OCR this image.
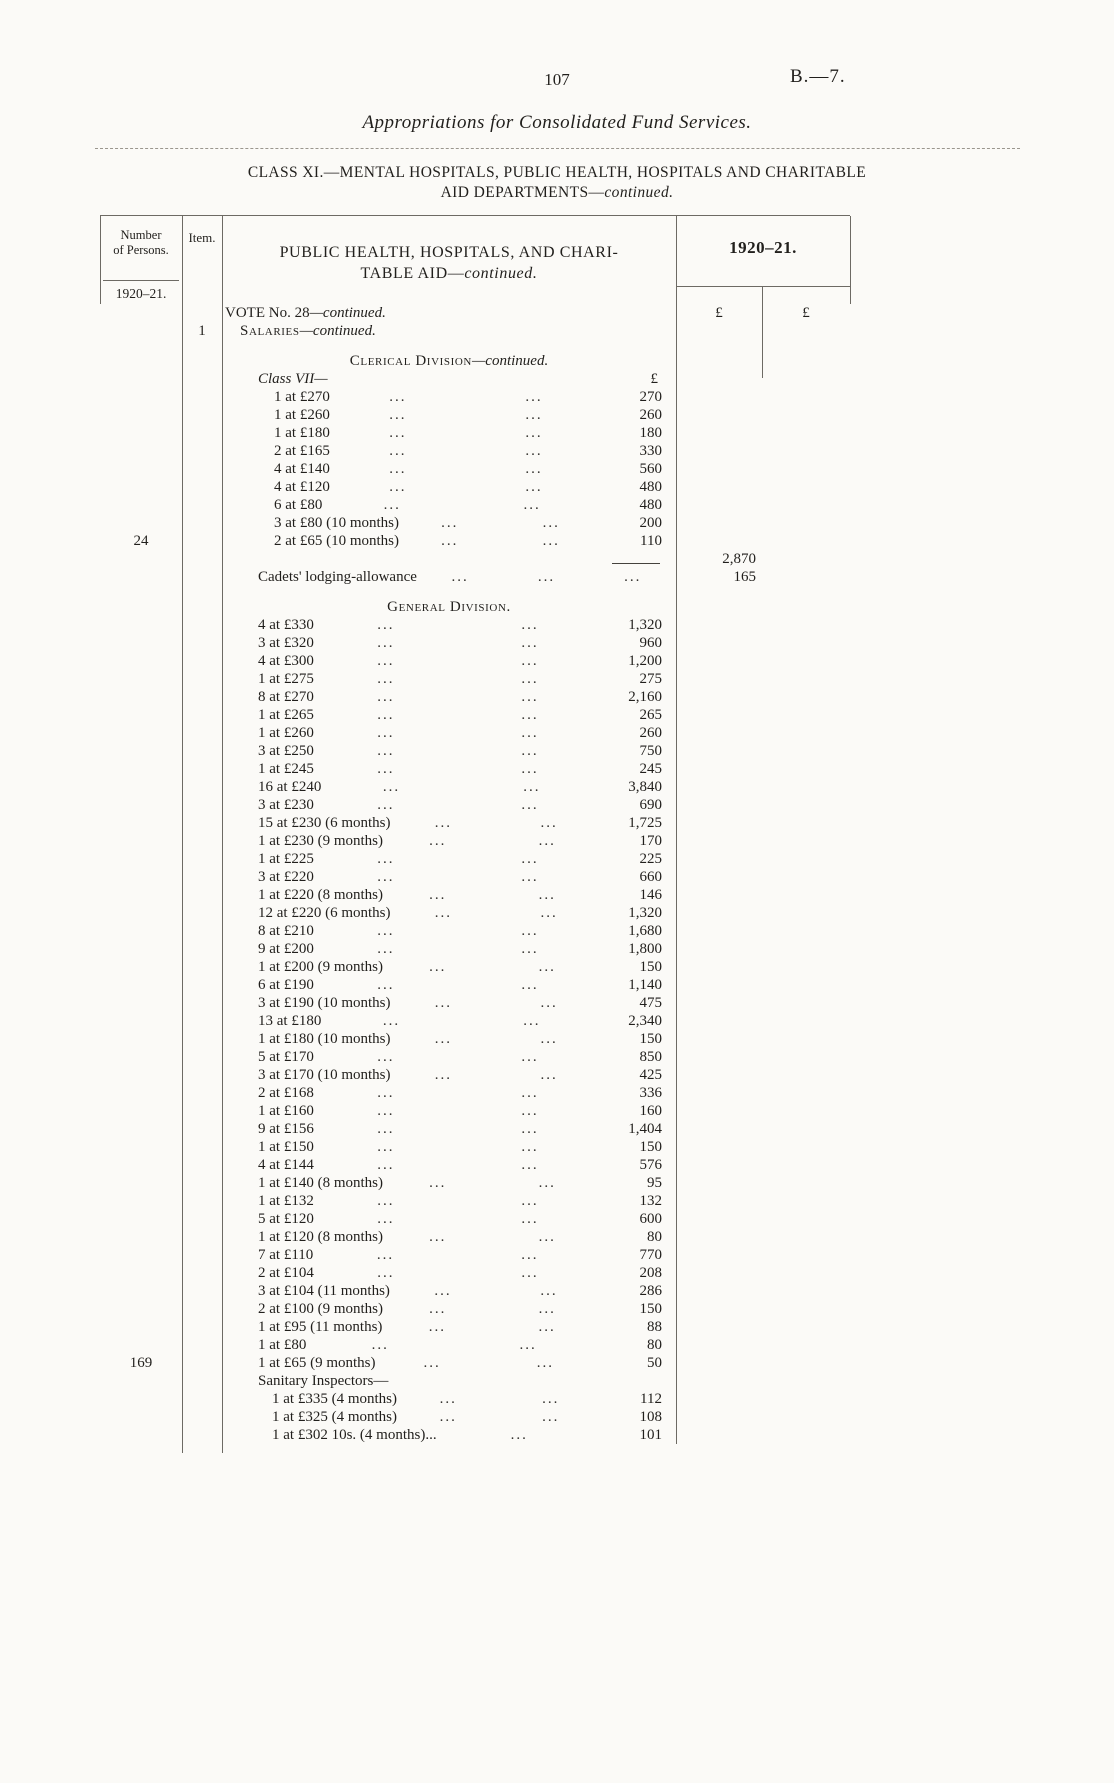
107	B.—7.
Appropriations for Consolidated Fund Services.
CLASS XI.—MENTAL HOSPITALS, PUBLIC HEALTH, HOSPITALS AND CHARITABLE
AID DEPARTMENTS—continued.
Number
of Persons.
1920–21.
Item.
PUBLIC HEALTH, HOSPITALS, AND CHARI-
TABLE AID—continued.
1920–21.
VOTE No. 28—continued.	£	£
1	Salaries—continued.
Clerical Division—continued.
Class VII—	£
1 at £270	...	...	270
1 at £260	...	...	260
1 at £180	...	...	180
2 at £165	...	...	330
4 at £140	...	...	560
4 at £120	...	...	480
6 at £80	...	...	480
3 at £80 (10 months)	...	...	200
24	2 at £65 (10 months)	...	...	110
2,870
Cadets' lodging-allowance	...	...	...	165
General Division.
4 at £330	...	...	1,320
3 at £320	...	...	960
4 at £300	...	...	1,200
1 at £275	...	...	275
8 at £270	...	...	2,160
1 at £265	...	...	265
1 at £260	...	...	260
3 at £250	...	...	750
1 at £245	...	...	245
16 at £240	...	...	3,840
3 at £230	...	...	690
15 at £230 (6 months)	...	...	1,725
1 at £230 (9 months)	...	...	170
1 at £225	...	...	225
3 at £220	...	...	660
1 at £220 (8 months)	...	...	146
12 at £220 (6 months)	...	...	1,320
8 at £210	...	...	1,680
9 at £200	...	...	1,800
1 at £200 (9 months)	...	...	150
6 at £190	...	...	1,140
3 at £190 (10 months)	...	...	475
13 at £180	...	...	2,340
1 at £180 (10 months)	...	...	150
5 at £170	...	...	850
3 at £170 (10 months)	...	...	425
2 at £168	...	...	336
1 at £160	...	...	160
9 at £156	...	...	1,404
1 at £150	...	...	150
4 at £144	...	...	576
1 at £140 (8 months)	...	...	95
1 at £132	...	...	132
5 at £120	...	...	600
1 at £120 (8 months)	...	...	80
7 at £110	...	...	770
2 at £104	...	...	208
3 at £104 (11 months)	...	...	286
2 at £100 (9 months)	...	...	150
1 at £95 (11 months)	...	...	88
1 at £80	...	...	80
169	1 at £65 (9 months)	...	...	50
Sanitary Inspectors—
1 at £335 (4 months)	...	...	112
1 at £325 (4 months)	...	...	108
1 at £302 10s. (4 months)...	...	101
